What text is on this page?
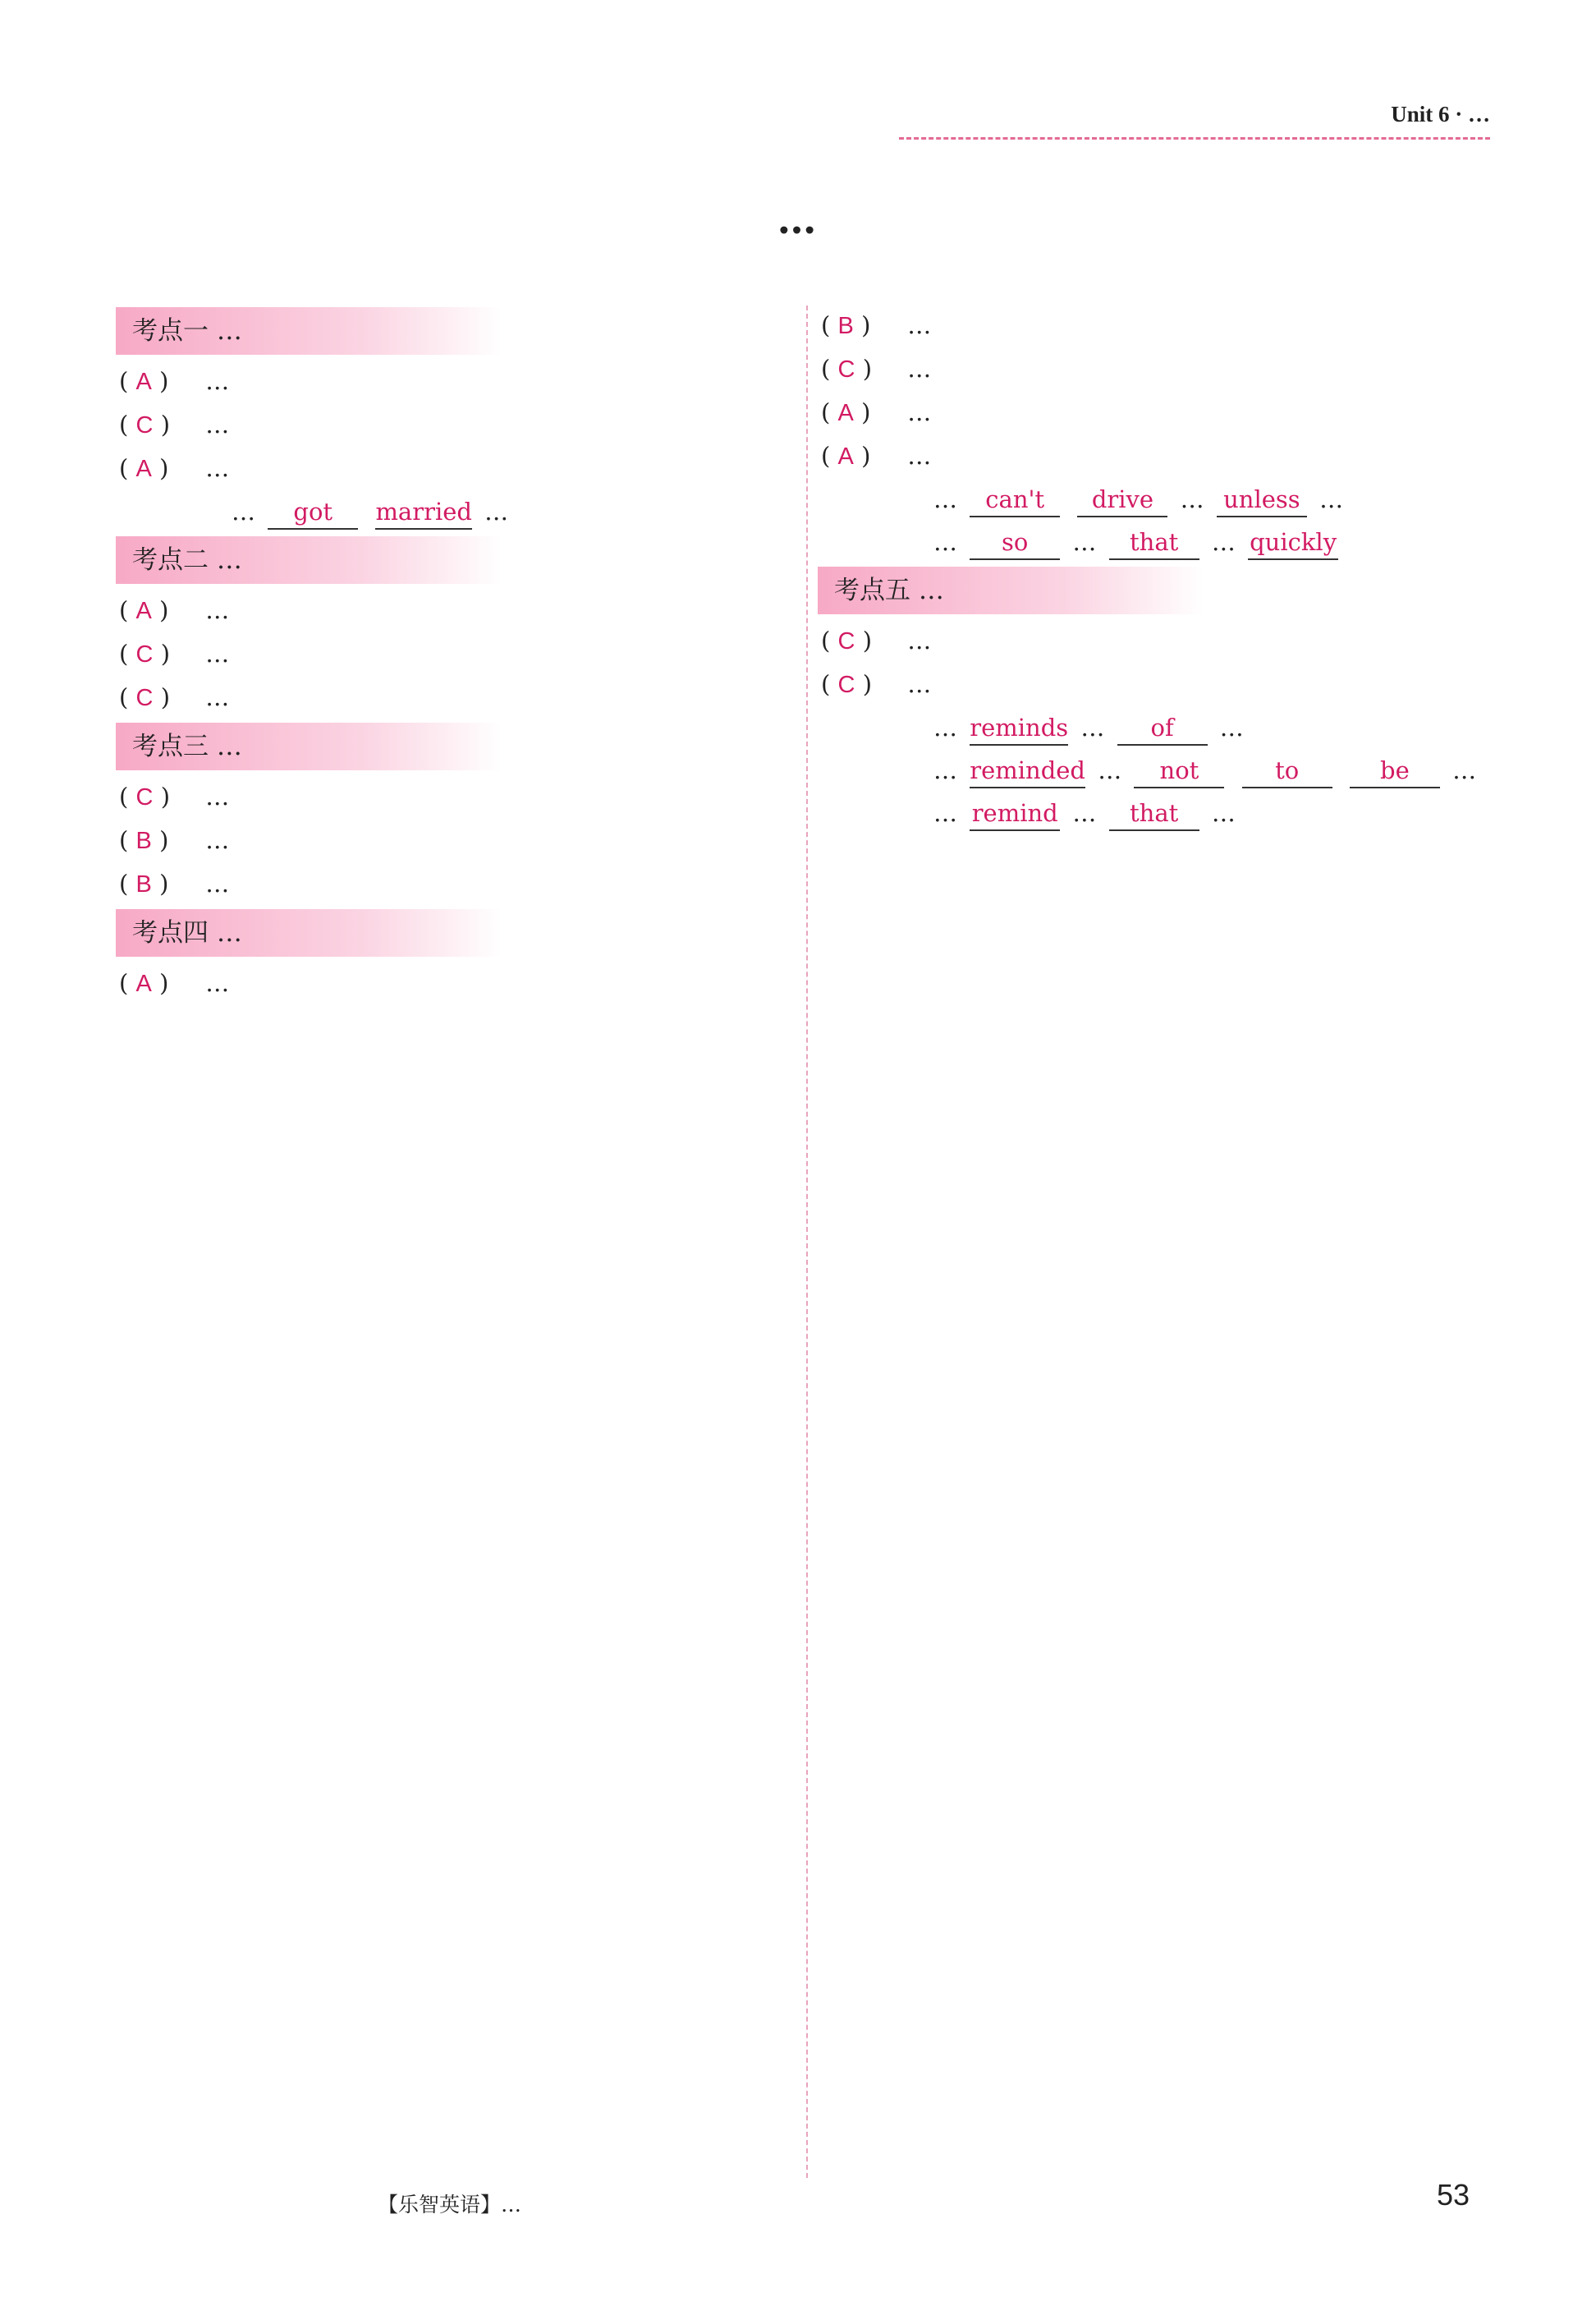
Unit 6 · …
…
考点一 …
( A ) …
( C ) …
( A ) …
… got married …
考点二 …
( A ) …
( C ) …
( C ) …
考点三 …
( C ) …
( B ) …
( B ) …
考点四 …
( A ) …
( B ) …
( C ) …
( A ) …
( A ) …
… can't drive … unless …
… so … that … quickly
考点五 …
( C ) …
( C ) …
… reminds … of …
… reminded … not	to	be …
… remind … that …
【乐智英语】…	53
